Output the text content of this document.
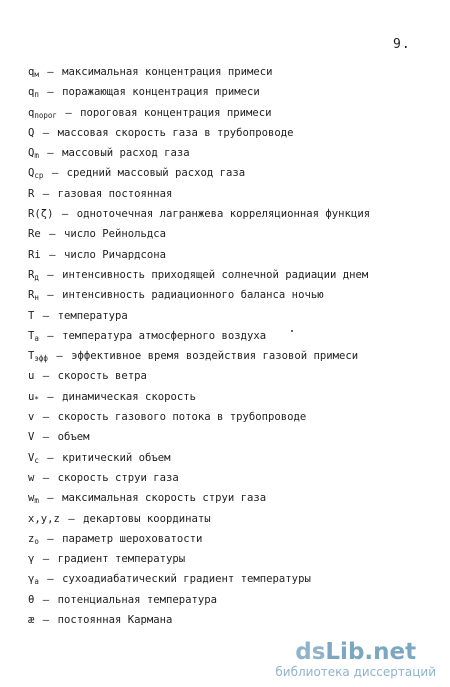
9.
$q_м$ – максимальная концентрация примеси
$q_п$ – поражающая концентрация примеси
$q_{порог}$ – пороговая концентрация примеси
Q – массовая скорость газа в трубопроводе
$Q_m$ – массовый расход газа
$Q_{ср}$ – средний массовый расход газа
R – газовая постоянная
R(ζ) – одноточечная лагранжева корреляционная функция
Re – число Рейнольдса
Ri – число Ричардсона
$R_д$ – интенсивность приходящей солнечной радиации днем
$R_н$ – интенсивность радиационного баланса ночью
T – температура
$T_a$ – температура атмосферного воздуха
$T_{эфф}$ – эффективное время воздействия газовой примеси
u – скорость ветра
$u_*$ – динамическая скорость
v – скорость газового потока в трубопроводе
V – объем
$V_c$ – критический объем
w – скорость струи газа
$w_m$ – максимальная скорость струи газа
x,y,z – декартовы координаты
$z_o$ – параметр шероховатости
γ – градиент температуры
$\gamma_a$ – сухоадиабатический градиент температуры
θ – потенциальная температура
æ – постоянная Кармана
dsLib.net
библиотека диссертаций
